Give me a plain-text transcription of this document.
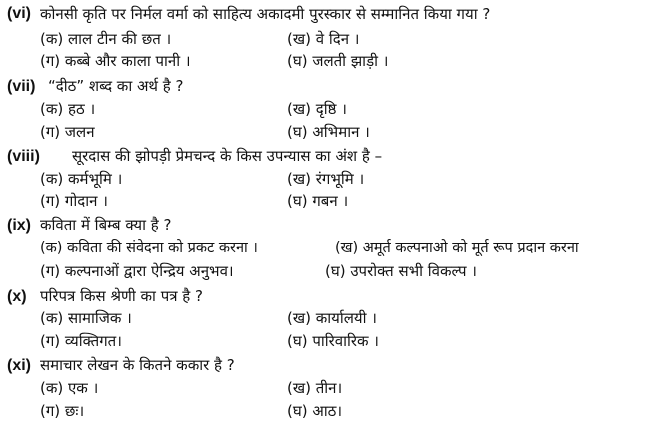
(vi) कोनसी कृति पर निर्मल वर्मा को साहित्य अकादमी पुरस्कार से सम्मानित किया गया ?
(क) लाल टीन की छत ।	(ख) वे दिन ।
(ग) कब्बे और काला पानी ।	(घ) जलती झाड़ी ।
(vii) “दीठ” शब्द का अर्थ है ?
(क) हठ ।	(ख) दृष्ठि ।
(ग) जलन	(घ) अभिमान ।
(viii) सूरदास की झोपड़ी प्रेमचन्द के किस उपन्यास का अंश है –
(क) कर्मभूमि ।	(ख) रंगभूमि ।
(ग) गोदान ।	(घ) गबन ।
(ix) कविता में बिम्ब क्या है ?
(क) कविता की संवेदना को प्रकट करना ।	(ख) अमूर्त कल्पनाओ को मूर्त रूप प्रदान करना
(ग) कल्पनाओं द्वारा ऐन्द्रिय अनुभव।	(घ) उपरोक्त सभी विकल्प ।
(x) परिपत्र किस श्रेणी का पत्र है ?
(क) सामाजिक ।	(ख) कार्यालयी ।
(ग) व्यक्तिगत।	(घ) पारिवारिक ।
(xi) समाचार लेखन के कितने ककार है ?
(क) एक ।	(ख) तीन।
(ग) छः।	(घ) आठ।
